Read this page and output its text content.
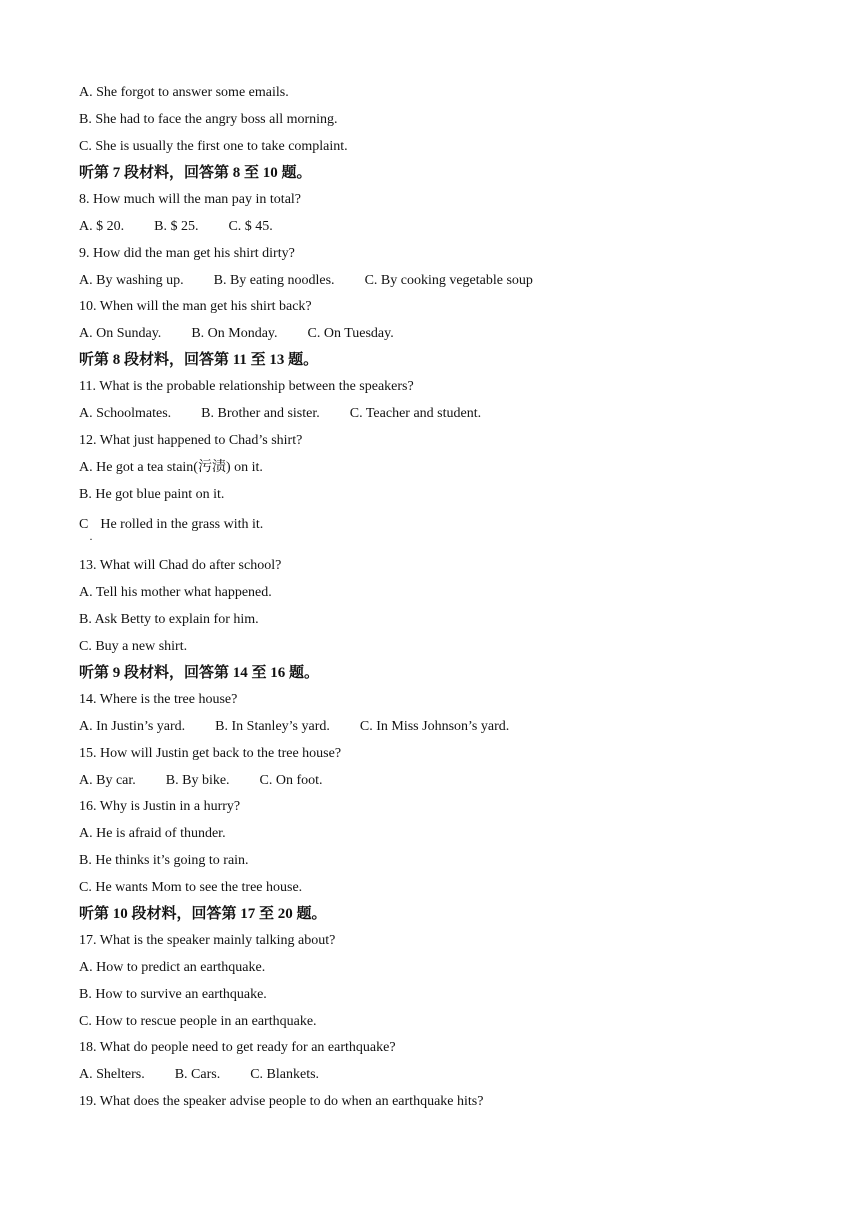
A. She forgot to answer some emails.
B. She had to face the angry boss all morning.
C. She is usually the first one to take complaint.
听第 7 段材料，回答第 8 至 10 题。
8. How much will the man pay in total?
A. $ 20. B. $ 25. C. $ 45.
9. How did the man get his shirt dirty?
A. By washing up. B. By eating noodles. C. By cooking vegetable soup
10. When will the man get his shirt back?
A. On Sunday. B. On Monday. C. On Tuesday.
听第 8 段材料，回答第 11 至 13 题。
11. What is the probable relationship between the speakers?
A. Schoolmates. B. Brother and sister. C. Teacher and student.
12. What just happened to Chad’s shirt?
A. He got a tea stain(污渍) on it.
B. He got blue paint on it.
C He rolled in the grass with it.
·
13. What will Chad do after school?
A. Tell his mother what happened.
B. Ask Betty to explain for him.
C. Buy a new shirt.
听第 9 段材料，回答第 14 至 16 题。
14. Where is the tree house?
A. In Justin’s yard. B. In Stanley’s yard. C. In Miss Johnson’s yard.
15. How will Justin get back to the tree house?
A. By car. B. By bike. C. On foot.
16. Why is Justin in a hurry?
A. He is afraid of thunder.
B. He thinks it’s going to rain.
C. He wants Mom to see the tree house.
听第 10 段材料，回答第 17 至 20 题。
17. What is the speaker mainly talking about?
A. How to predict an earthquake.
B. How to survive an earthquake.
C. How to rescue people in an earthquake.
18. What do people need to get ready for an earthquake?
A. Shelters. B. Cars. C. Blankets.
19. What does the speaker advise people to do when an earthquake hits?
